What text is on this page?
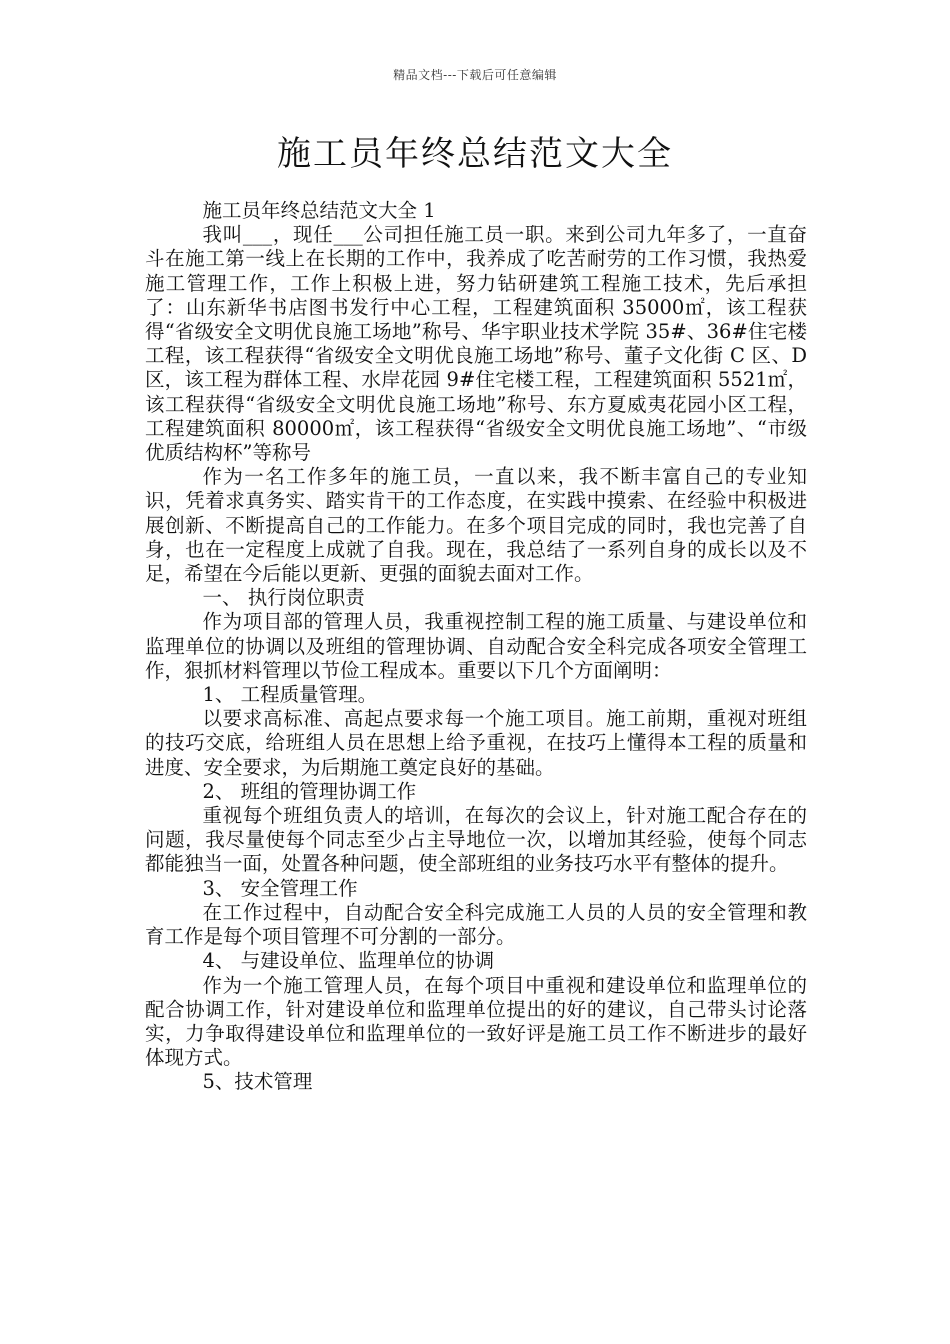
精品文档---下载后可任意编辑
施工员年终总结范文大全

施工员年终总结范文大全 1

我叫___，现任___公司担任施工员一职。来到公司九年多了，一直奋斗在施工第一线上在长期的工作中，我养成了吃苦耐劳的工作习惯，我热爱施工管理工作，工作上积极上进，努力钻研建筑工程施工技术，先后承担了：山东新华书店图书发行中心工程，工程建筑面积 35000㎡，该工程获得“省级安全文明优良施工场地”称号、华宇职业技术学院 35#、36#住宅楼工程，该工程获得“省级安全文明优良施工场地”称号、董子文化街 C 区、D 区，该工程为群体工程、水岸花园 9#住宅楼工程，工程建筑面积 5521㎡，该工程获得“省级安全文明优良施工场地”称号、东方夏威夷花园小区工程，工程建筑面积 80000㎡，该工程获得“省级安全文明优良施工场地”、“市级优质结构杯”等称号

作为一名工作多年的施工员，一直以来，我不断丰富自己的专业知识，凭着求真务实、踏实肯干的工作态度，在实践中摸索、在经验中积极进展创新、不断提高自己的工作能力。在多个项目完成的同时，我也完善了自身，也在一定程度上成就了自我。现在，我总结了一系列自身的成长以及不足，希望在今后能以更新、更强的面貌去面对工作。

一、 执行岗位职责

作为项目部的管理人员，我重视控制工程的施工质量、与建设单位和监理单位的协调以及班组的管理协调、自动配合安全科完成各项安全管理工作，狠抓材料管理以节俭工程成本。重要以下几个方面阐明：

1、 工程质量管理。

以要求高标准、高起点要求每一个施工项目。施工前期，重视对班组的技巧交底，给班组人员在思想上给予重视，在技巧上懂得本工程的质量和进度、安全要求，为后期施工奠定良好的基础。

2、 班组的管理协调工作

重视每个班组负责人的培训，在每次的会议上，针对施工配合存在的问题，我尽量使每个同志至少占主导地位一次，以增加其经验，使每个同志都能独当一面，处置各种问题，使全部班组的业务技巧水平有整体的提升。

3、 安全管理工作

在工作过程中，自动配合安全科完成施工人员的人员的安全管理和教育工作是每个项目管理不可分割的一部分。

4、 与建设单位、监理单位的协调

作为一个施工管理人员，在每个项目中重视和建设单位和监理单位的配合协调工作，针对建设单位和监理单位提出的好的建议，自己带头讨论落实，力争取得建设单位和监理单位的一致好评是施工员工作不断进步的最好体现方式。

5、技术管理
